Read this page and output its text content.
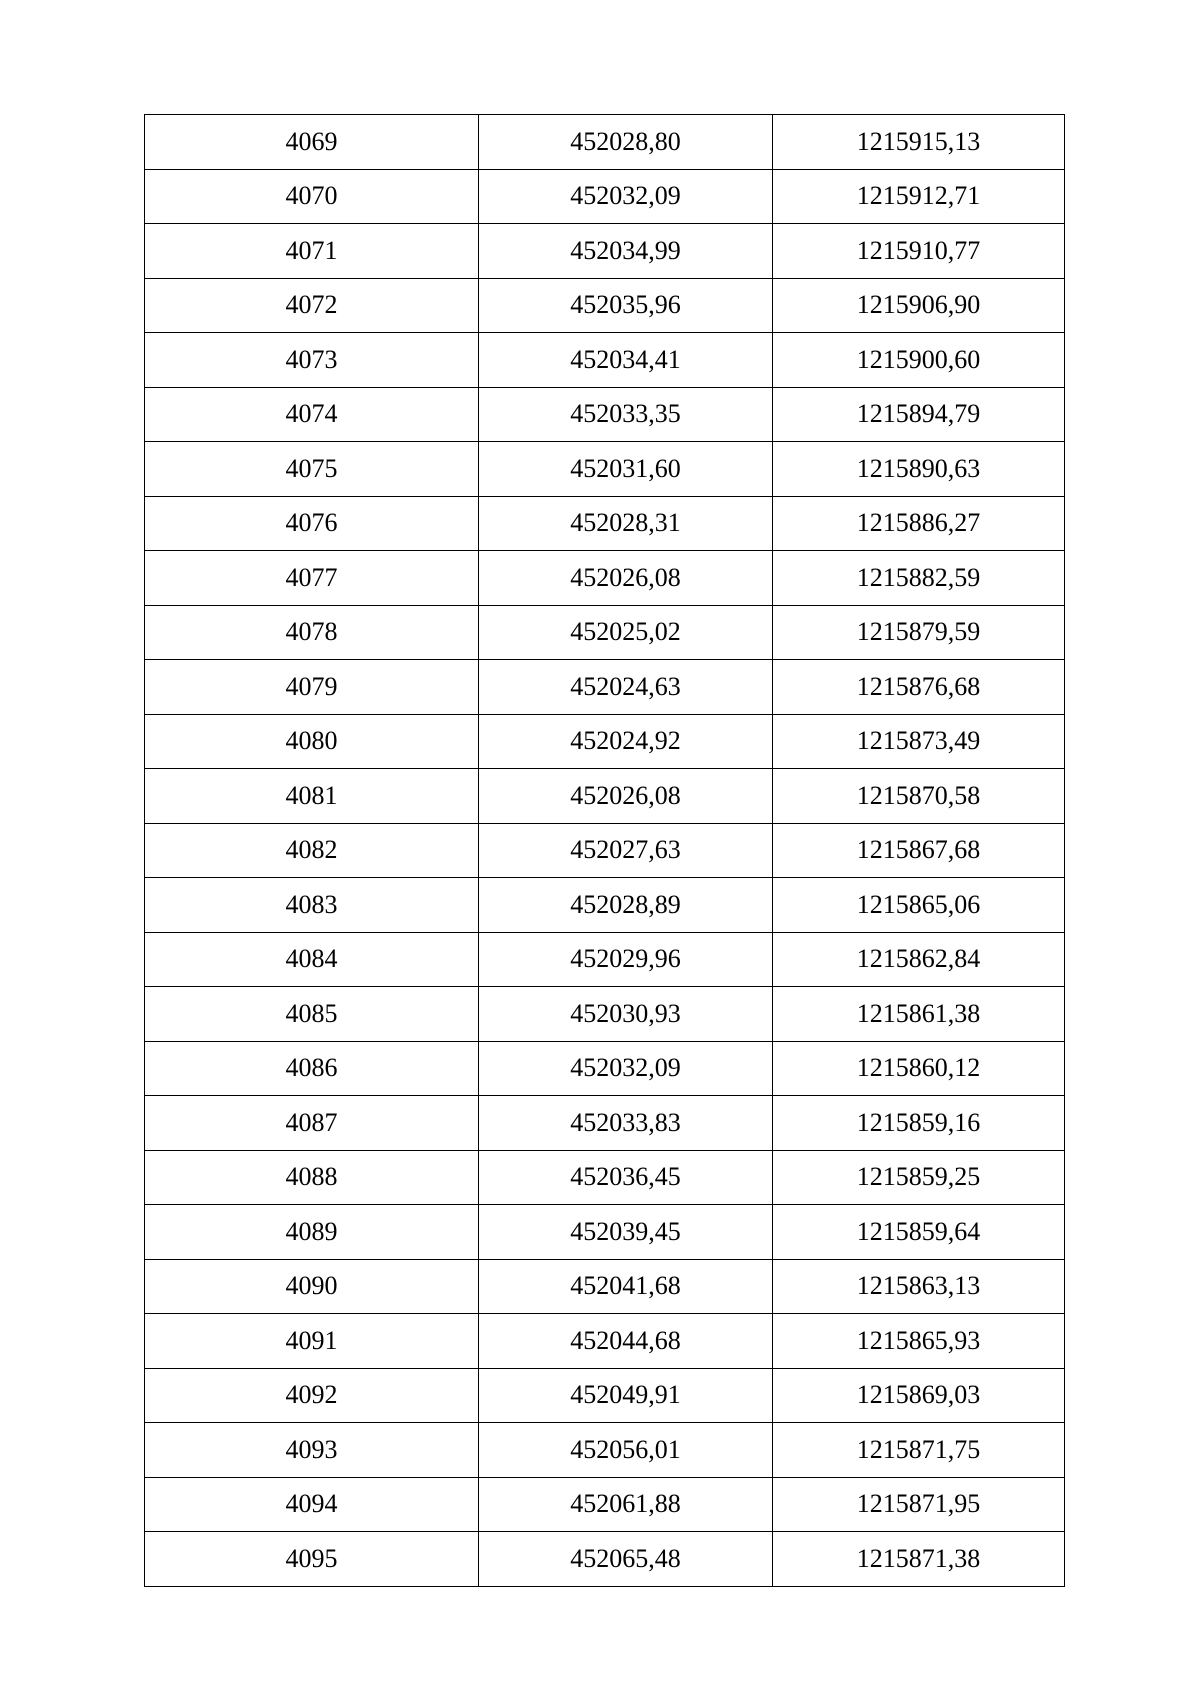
4069	452028,80	1215915,13
4070	452032,09	1215912,71
4071	452034,99	1215910,77
4072	452035,96	1215906,90
4073	452034,41	1215900,60
4074	452033,35	1215894,79
4075	452031,60	1215890,63
4076	452028,31	1215886,27
4077	452026,08	1215882,59
4078	452025,02	1215879,59
4079	452024,63	1215876,68
4080	452024,92	1215873,49
4081	452026,08	1215870,58
4082	452027,63	1215867,68
4083	452028,89	1215865,06
4084	452029,96	1215862,84
4085	452030,93	1215861,38
4086	452032,09	1215860,12
4087	452033,83	1215859,16
4088	452036,45	1215859,25
4089	452039,45	1215859,64
4090	452041,68	1215863,13
4091	452044,68	1215865,93
4092	452049,91	1215869,03
4093	452056,01	1215871,75
4094	452061,88	1215871,95
4095	452065,48	1215871,38
